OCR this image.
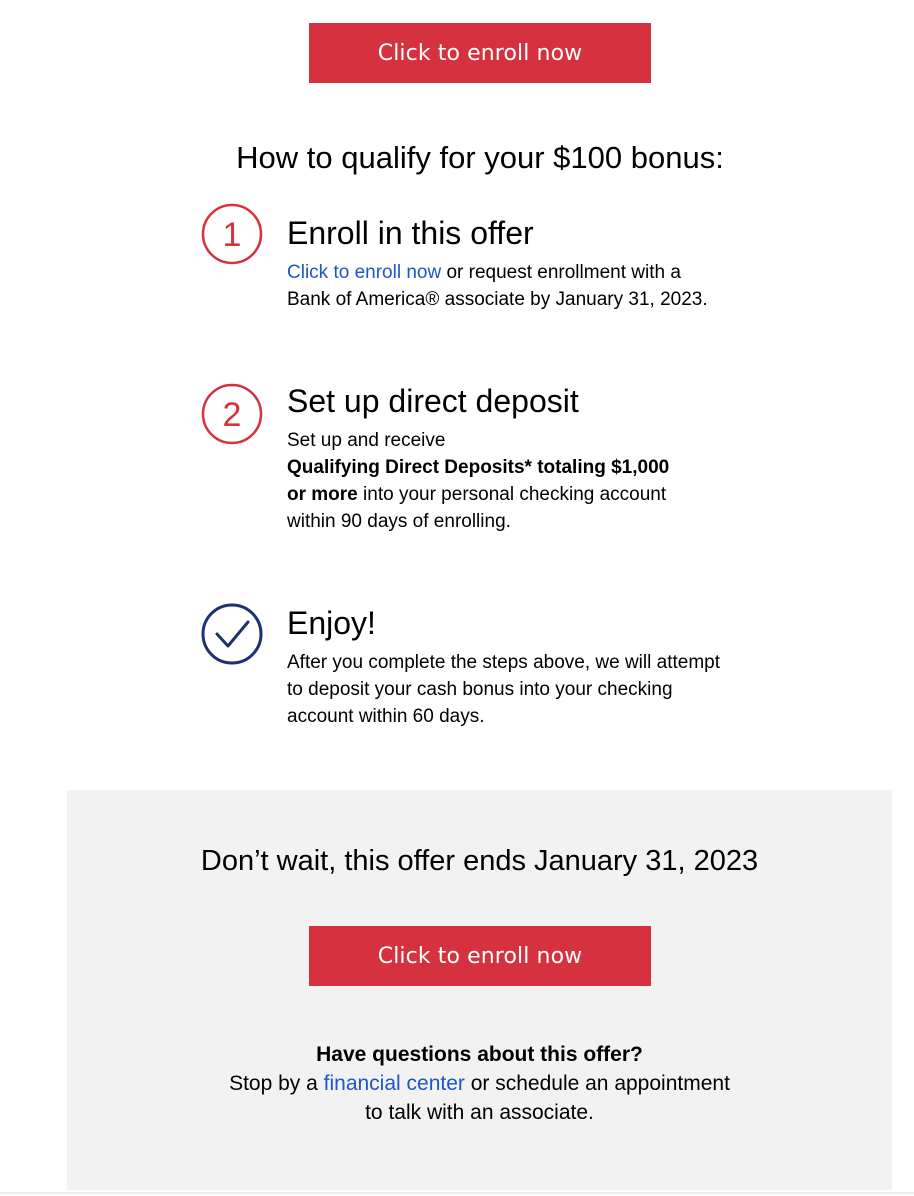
Click to enroll now
How to qualify for your $100 bonus:
1 Enroll in this offer
Click to enroll now or request enrollment with a
Bank of America® associate by January 31, 2023.
2 Set up direct deposit
Set up and receive
Qualifying Direct Deposits* totaling $1,000
or more into your personal checking account
within 90 days of enrolling.
Enjoy!
After you complete the steps above, we will attempt
to deposit your cash bonus into your checking
account within 60 days.
Don’t wait, this offer ends January 31, 2023
Click to enroll now
Have questions about this offer?
Stop by a financial center or schedule an appointment
to talk with an associate.
